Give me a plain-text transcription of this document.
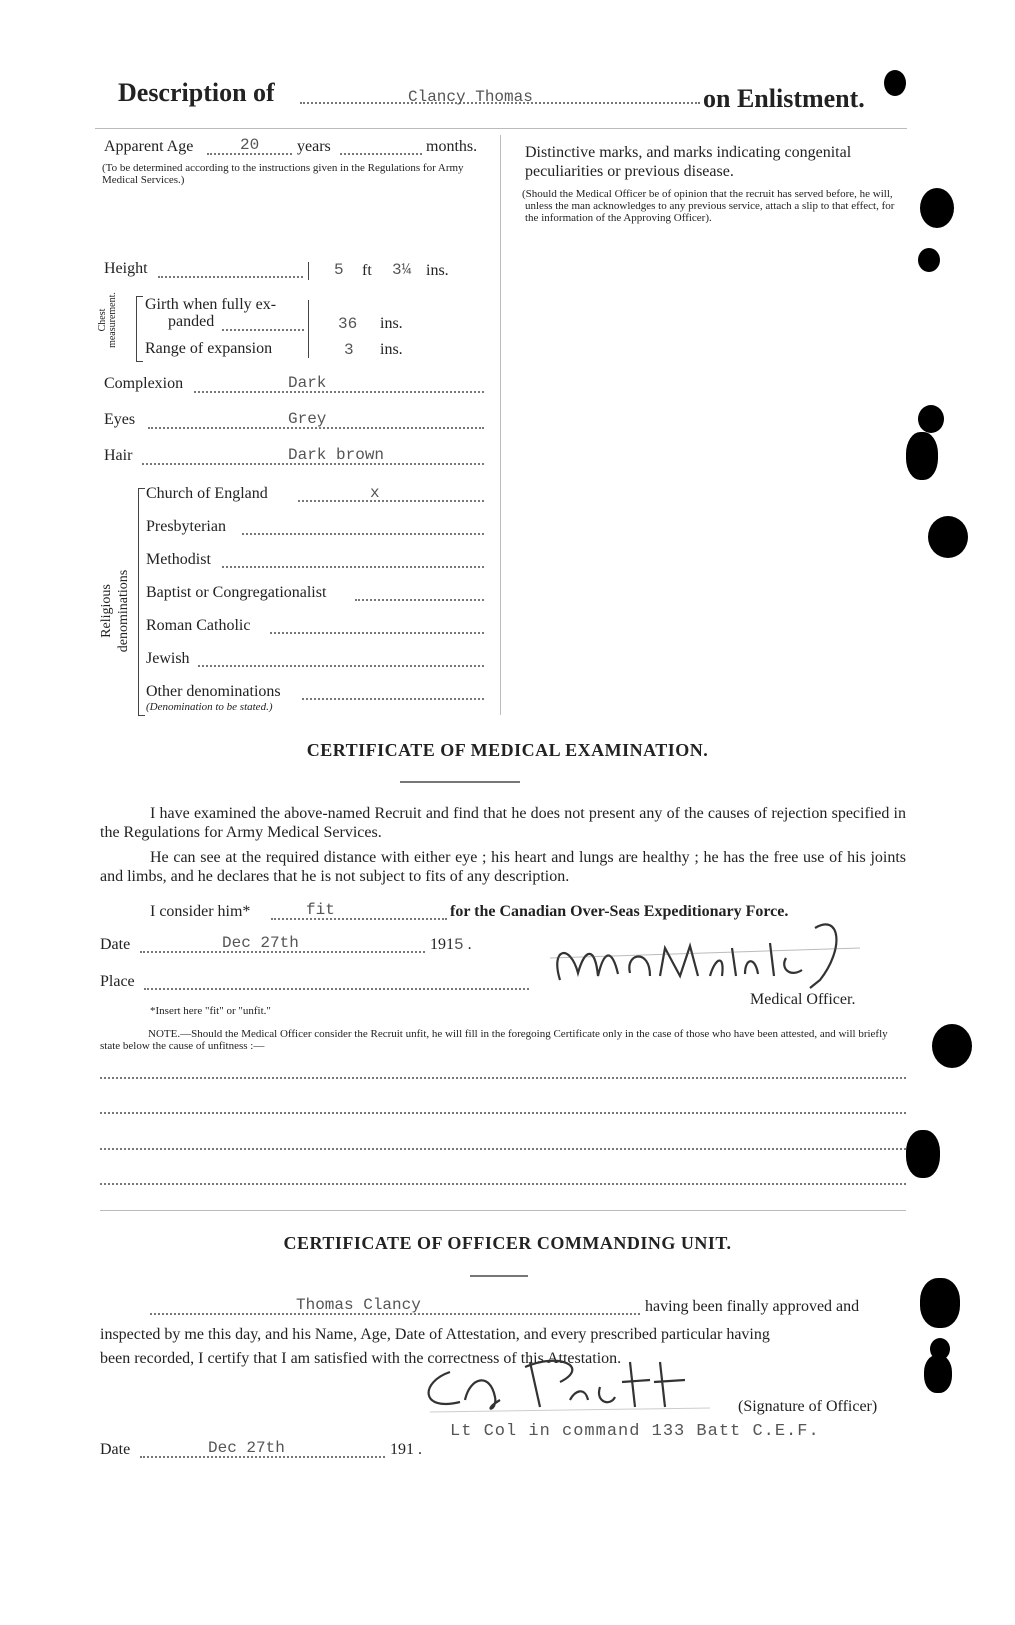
Description of	Clancy Thomas	on Enlistment.
Apparent Age	20 years	months.
(To be determined according to the instructions given in the Regulations for Army Medical Services.)
Height	5 ft 3¼ ins.
Chest measurement. Girth when fully ex-
panded	36 ins.
Range of expansion	3 ins.
Complexion	Dark
Eyes	Grey
Hair	Dark brown
Religious denominations
Church of England	x
Presbyterian
Methodist
Baptist or Congregationalist
Roman Catholic
Jewish
Other denominations
(Denomination to be stated.)
Distinctive marks, and marks indicating congenital peculiarities or previous disease.
(Should the Medical Officer be of opinion that the recruit has served before, he will, unless the man acknowledges to any previous service, attach a slip to that effect, for the information of the Approving Officer).
CERTIFICATE OF MEDICAL EXAMINATION.
I have examined the above-named Recruit and find that he does not present any of the causes of rejection specified in the Regulations for Army Medical Services.
He can see at the required distance with either eye ; his heart and lungs are healthy ; he has the free use of his joints and limbs, and he declares that he is not subject to fits of any description.
I consider him*	fit	for the Canadian Over-Seas Expeditionary Force.
Date	Dec 27th	1915 .
Place
Medical Officer.
*Insert here "fit" or "unfit."
NOTE.—Should the Medical Officer consider the Recruit unfit, he will fill in the foregoing Certificate only in the case of those who have been attested, and will briefly state below the cause of unfitness :—
CERTIFICATE OF OFFICER COMMANDING UNIT.
Thomas Clancy	having been finally approved and
inspected by me this day, and his Name, Age, Date of Attestation, and every prescribed particular having
been recorded, I certify that I am satisfied with the correctness of this Attestation.
(Signature of Officer)
Lt Col in command 133 Batt C.E.F.
Date	Dec 27th	191 .
